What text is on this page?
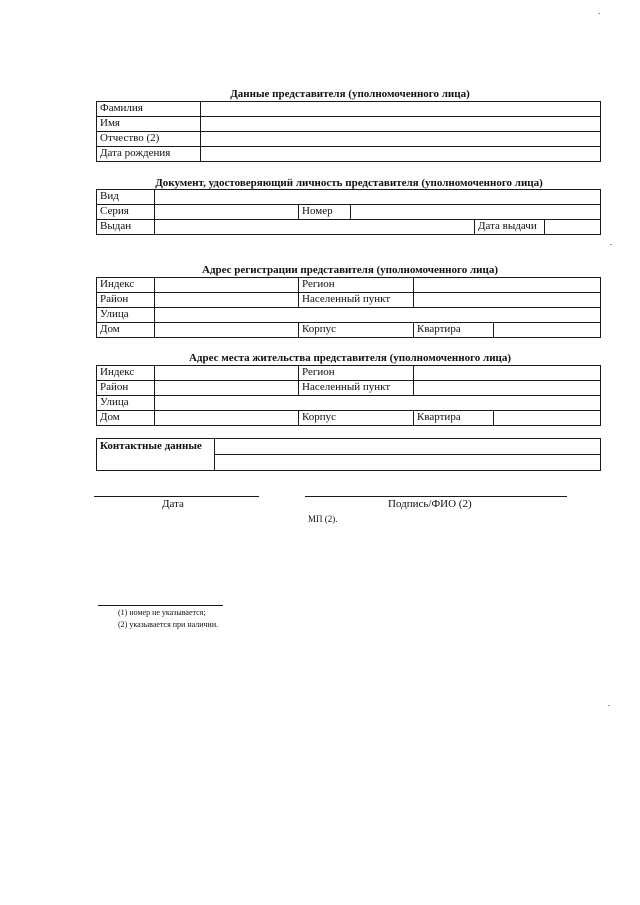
Данные представителя (уполномоченного лица)
Фамилия	
Имя	
Отчество (2)	
Дата рождения	
Документ, удостоверяющий личность представителя (уполномоченного лица)
Вид					
Серия		Номер			
Выдан				Дата выдачи	
Адрес регистрации представителя (уполномоченного лица)
Индекс		Регион		
Район		Населенный пункт		
Улица				
Дом		Корпус	Квартира	
Адрес места жительства представителя (уполномоченного лица)
Индекс		Регион		
Район		Населенный пункт		
Улица				
Дом		Корпус	Квартира	
Контактные данные	

Дата	Подпись/ФИО (2)
МП (2).
(1) номер не указывается;
(2) указывается при наличии.
